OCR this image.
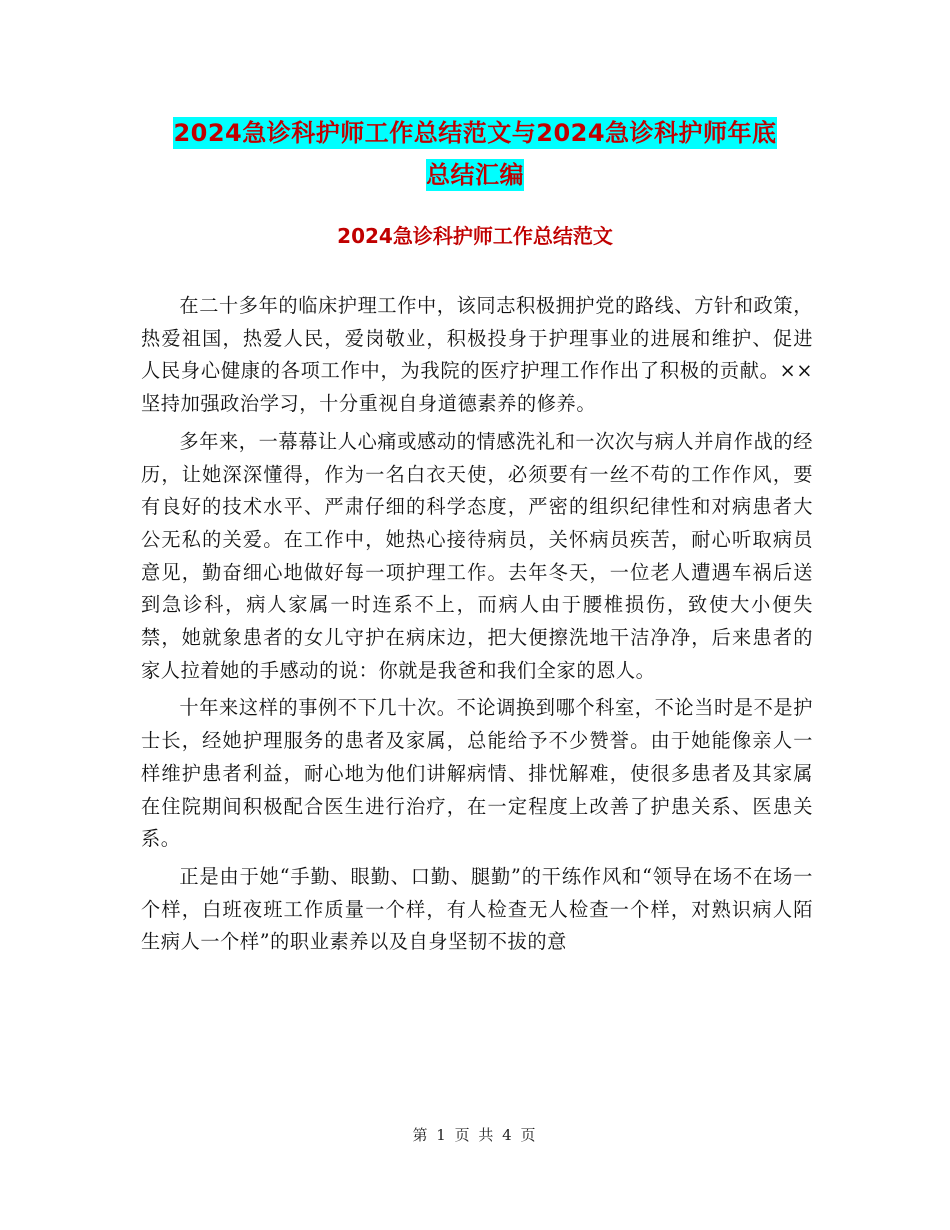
2024急诊科护师工作总结范文与2024急诊科护师年底
总结汇编
2024急诊科护师工作总结范文

在二十多年的临床护理工作中，该同志积极拥护党的路线、方针和政策，热爱祖国，热爱人民，爱岗敬业，积极投身于护理事业的进展和维护、促进人民身心健康的各项工作中，为我院的医疗护理工作作出了积极的贡献。××坚持加强政治学习，十分重视自身道德素养的修养。

多年来，一幕幕让人心痛或感动的情感洗礼和一次次与病人并肩作战的经历，让她深深懂得，作为一名白衣天使，必须要有一丝不苟的工作作风，要有良好的技术水平、严肃仔细的科学态度，严密的组织纪律性和对病患者大公无私的关爱。在工作中，她热心接待病员，关怀病员疾苦，耐心听取病员意见，勤奋细心地做好每一项护理工作。去年冬天，一位老人遭遇车祸后送到急诊科，病人家属一时连系不上，而病人由于腰椎损伤，致使大小便失禁，她就象患者的女儿守护在病床边，把大便擦洗地干洁净净，后来患者的家人拉着她的手感动的说：你就是我爸和我们全家的恩人。

十年来这样的事例不下几十次。不论调换到哪个科室，不论当时是不是护士长，经她护理服务的患者及家属，总能给予不少赞誉。由于她能像亲人一样维护患者利益，耐心地为他们讲解病情、排忧解难，使很多患者及其家属在住院期间积极配合医生进行治疗，在一定程度上改善了护患关系、医患关系。

正是由于她“手勤、眼勤、口勤、腿勤”的干练作风和“领导在场不在场一个样，白班夜班工作质量一个样，有人检查无人检查一个样，对熟识病人陌生病人一个样”的职业素养以及自身坚韧不拔的意

第 1 页 共 4 页
